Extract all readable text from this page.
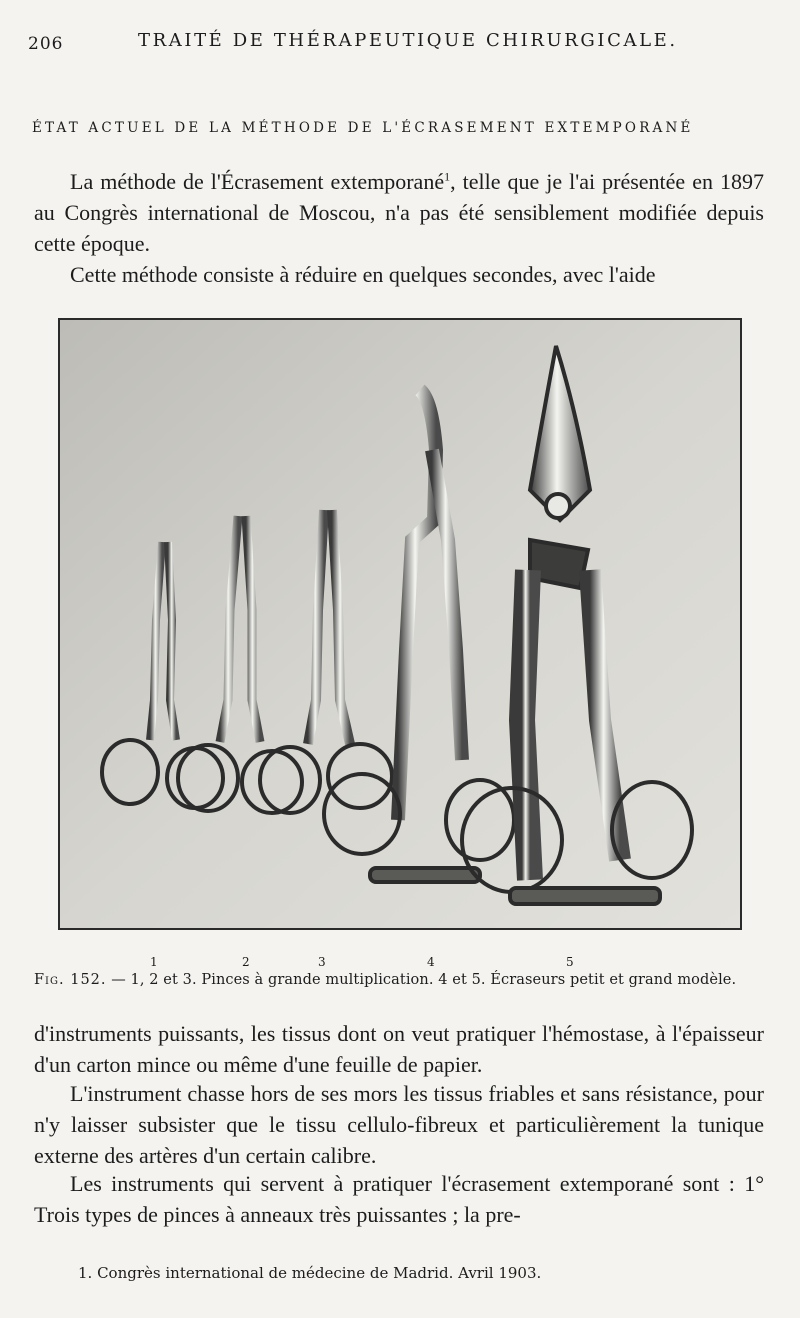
206	TRAITÉ DE THÉRAPEUTIQUE CHIRURGICALE.
ÉTAT ACTUEL DE LA MÉTHODE DE L'ÉCRASEMENT EXTEMPORANÉ
La méthode de l'Écrasement extemporané$^1$, telle que je l'ai présentée en 1897 au Congrès international de Moscou, n'a pas été sensiblement modifiée depuis cette époque.
Cette méthode consiste à réduire en quelques secondes, avec l'aide
1	2	3	4	5
Fig. 152. — 1, 2 et 3. Pinces à grande multiplication. 4 et 5. Écraseurs petit et grand modèle.
d'instruments puissants, les tissus dont on veut pratiquer l'hémostase, à l'épaisseur d'un carton mince ou même d'une feuille de papier.
L'instrument chasse hors de ses mors les tissus friables et sans résistance, pour n'y laisser subsister que le tissu cellulo-fibreux et particulièrement la tunique externe des artères d'un certain calibre.
Les instruments qui servent à pratiquer l'écrasement extemporané sont : 1° Trois types de pinces à anneaux très puissantes ; la pre-
1. Congrès international de médecine de Madrid. Avril 1903.
